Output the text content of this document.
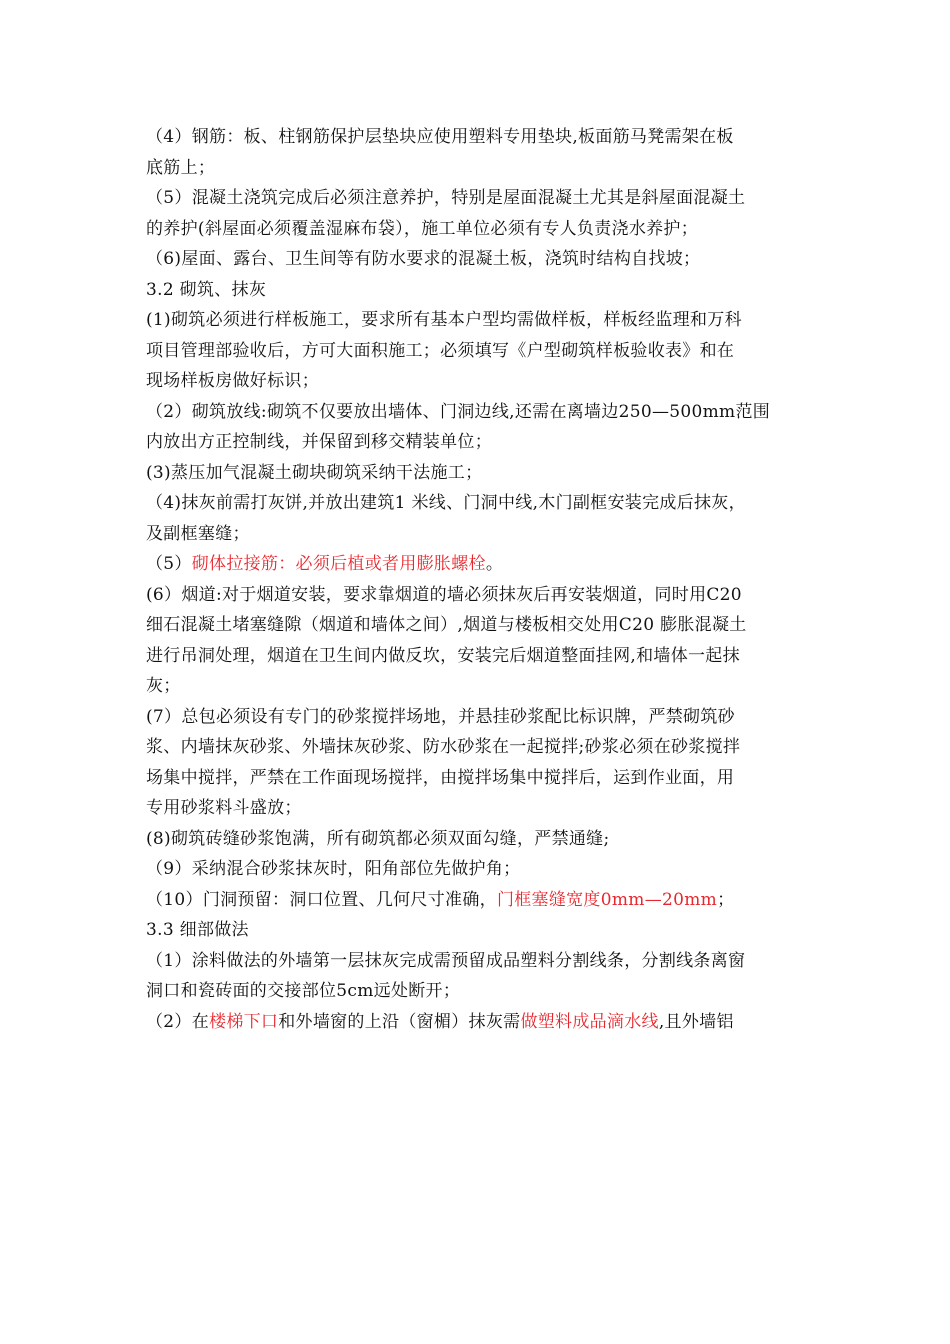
（4）钢筋：板、柱钢筋保护层垫块应使用塑料专用垫块,板面筋马凳需架在板
底筋上；
（5）混凝土浇筑完成后必须注意养护，特别是屋面混凝土尤其是斜屋面混凝土
的养护(斜屋面必须覆盖湿麻布袋），施工单位必须有专人负责浇水养护；
（6)屋面、露台、卫生间等有防水要求的混凝土板，浇筑时结构自找坡；
3.2 砌筑、抹灰
(1)砌筑必须进行样板施工，要求所有基本户型均需做样板，样板经监理和万科
项目管理部验收后，方可大面积施工；必须填写《户型砌筑样板验收表》和在
现场样板房做好标识；
（2）砌筑放线:砌筑不仅要放出墙体、门洞边线,还需在离墙边250—500mm范围
内放出方正控制线，并保留到移交精装单位；
(3)蒸压加气混凝土砌块砌筑采纳干法施工；
（4)抹灰前需打灰饼,并放出建筑1 米线、门洞中线,木门副框安装完成后抹灰，
及副框塞缝；
（5）砌体拉接筋：必须后植或者用膨胀螺栓。
(6）烟道:对于烟道安装，要求靠烟道的墙必须抹灰后再安装烟道，同时用C20
细石混凝土堵塞缝隙（烟道和墙体之间）,烟道与楼板相交处用C20 膨胀混凝土
进行吊洞处理，烟道在卫生间内做反坎，安装完后烟道整面挂网,和墙体一起抹
灰；
(7）总包必须设有专门的砂浆搅拌场地，并悬挂砂浆配比标识牌，严禁砌筑砂
浆、内墙抹灰砂浆、外墙抹灰砂浆、防水砂浆在一起搅拌;砂浆必须在砂浆搅拌
场集中搅拌，严禁在工作面现场搅拌，由搅拌场集中搅拌后，运到作业面，用
专用砂浆料斗盛放；
(8)砌筑砖缝砂浆饱满，所有砌筑都必须双面勾缝，严禁通缝;
（9）采纳混合砂浆抹灰时，阳角部位先做护角；
（10）门洞预留：洞口位置、几何尺寸准确，门框塞缝宽度0mm—20mm；
3.3 细部做法
（1）涂料做法的外墙第一层抹灰完成需预留成品塑料分割线条，分割线条离窗
洞口和瓷砖面的交接部位5cm远处断开；
（2）在楼梯下口和外墙窗的上沿（窗楣）抹灰需做塑料成品滴水线,且外墙铝
